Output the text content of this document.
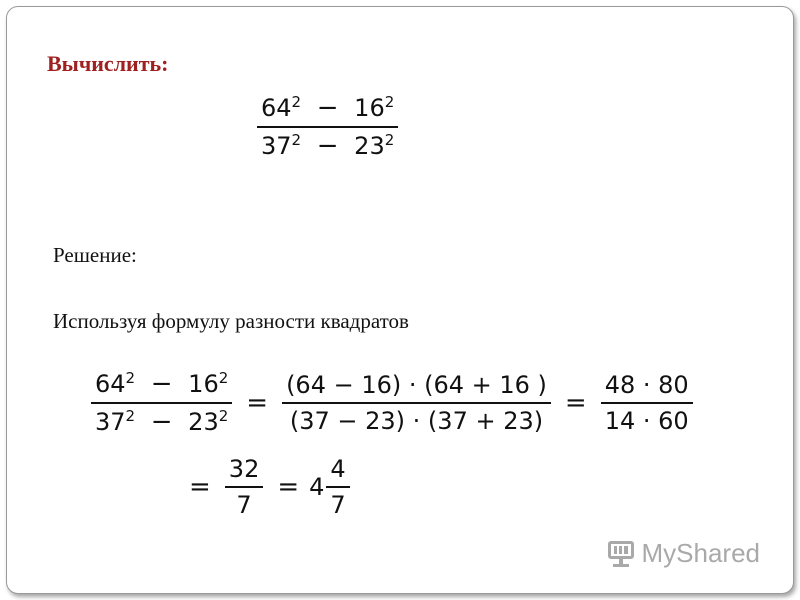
Вычислить:
$\frac{64^2 - 16^2}{37^2 - 23^2}$
Решение:
Используя формулу разности квадратов
$\frac{64^2 - 16^2}{37^2 - 23^2} = \frac{(64 - 16) \cdot (64 + 16 )}{(37 - 23) \cdot (37 + 23)} = \frac{48 \cdot 80}{14 \cdot 60}$
= $\frac{32}{7} = 4 \frac{4}{7}$
MyShared
